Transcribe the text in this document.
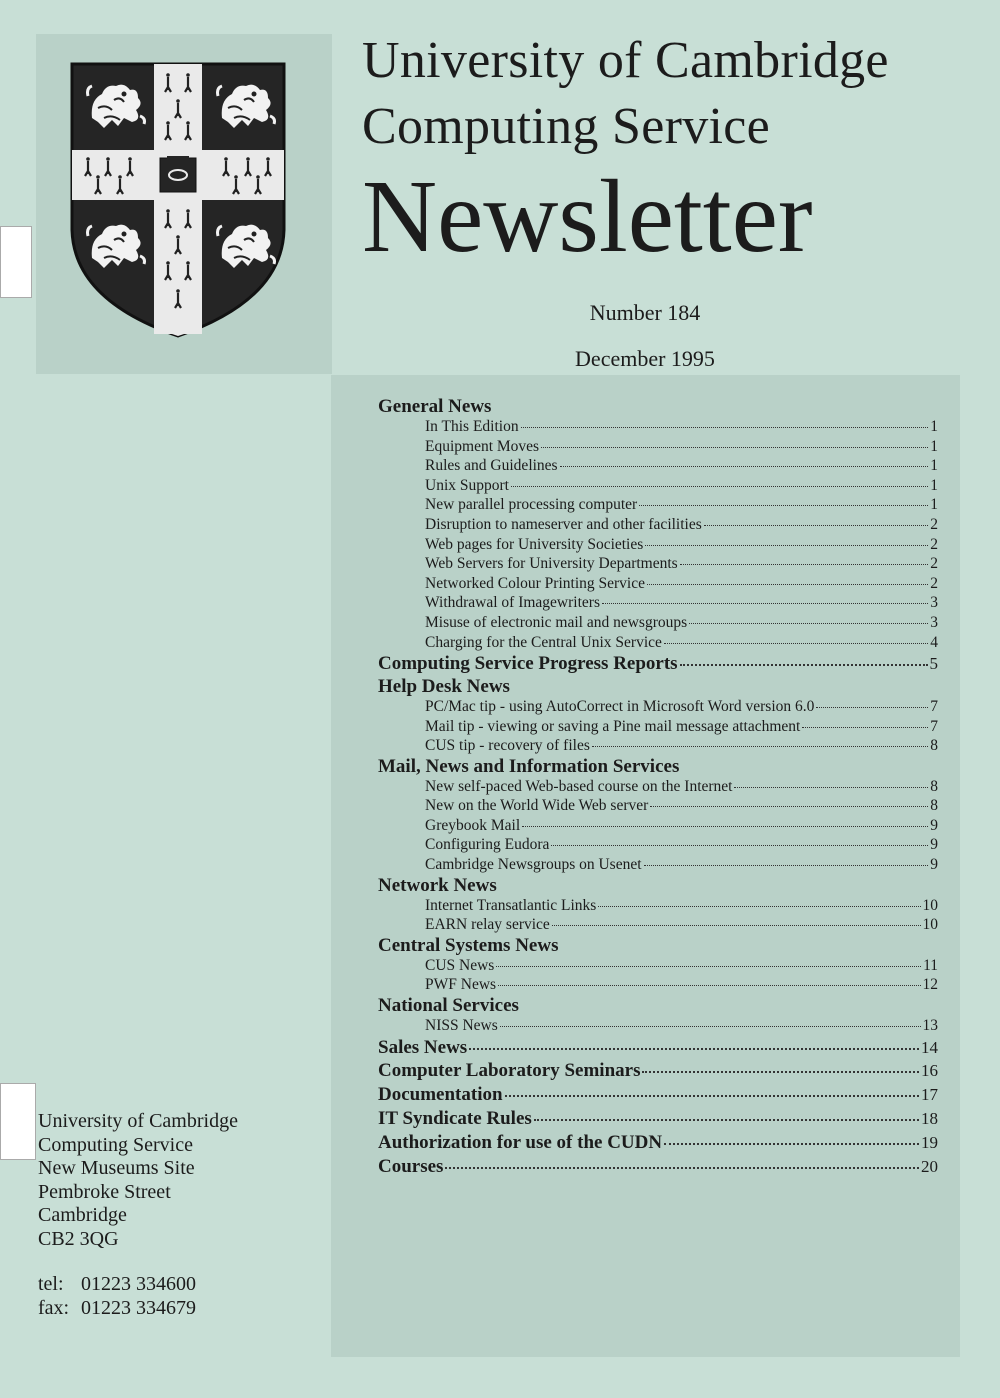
University of Cambridge
Computing Service
Newsletter
Number 184
December 1995
General News
In This Edition	1
Equipment Moves	1
Rules and Guidelines	1
Unix Support	1
New parallel processing computer	1
Disruption to nameserver and other facilities	2
Web pages for University Societies	2
Web Servers for University Departments	2
Networked Colour Printing Service	2
Withdrawal of Imagewriters	3
Misuse of electronic mail and newsgroups	3
Charging for the Central Unix Service	4
Computing Service Progress Reports	5
Help Desk News
PC/Mac tip - using AutoCorrect in Microsoft Word version 6.0	7
Mail tip - viewing or saving a Pine mail message attachment	7
CUS tip - recovery of files	8
Mail, News and Information Services
New self-paced Web-based course on the Internet	8
New on the World Wide Web server	8
Greybook Mail	9
Configuring Eudora	9
Cambridge Newsgroups on Usenet	9
Network News
Internet Transatlantic Links	10
EARN relay service	10
Central Systems News
CUS News	11
PWF News	12
National Services
NISS News	13
Sales News	14
Computer Laboratory Seminars	16
Documentation	17
IT Syndicate Rules	18
Authorization for use of the CUDN	19
Courses	20
University of Cambridge
Computing Service
New Museums Site
Pembroke Street
Cambridge
CB2 3QG
tel: 01223 334600
fax: 01223 334679
